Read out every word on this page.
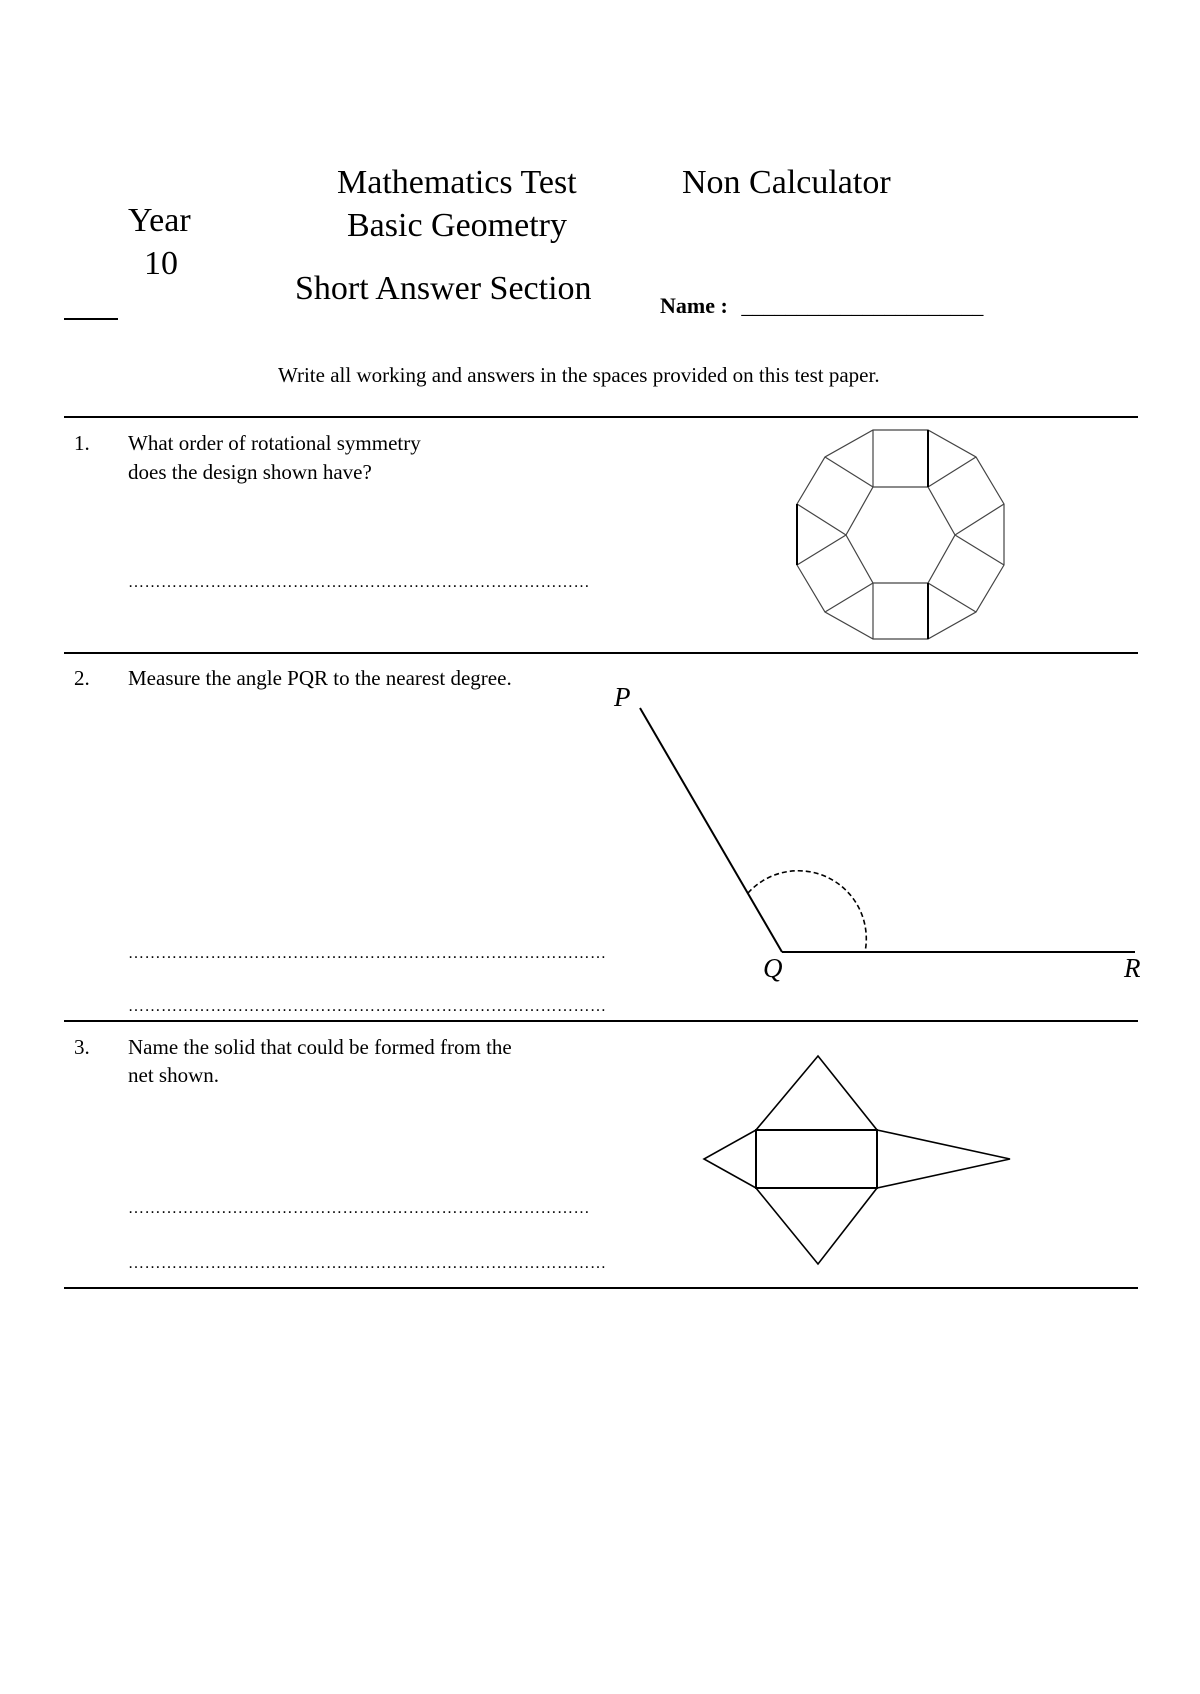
Year
10
Mathematics Test
Basic Geometry
Non Calculator
Short Answer Section	Name : ______________________
Write all working and answers in the spaces provided on this test paper.
1. What order of rotational symmetry
does the design shown have?
…………………………………………………………………………
2. Measure the angle PQR to the nearest degree.
……………………………………………………………………………
……………………………………………………………………………
P
Q	R
3. Name the solid that could be formed from the
net shown.
…………………………………………………………………………
……………………………………………………………………………
